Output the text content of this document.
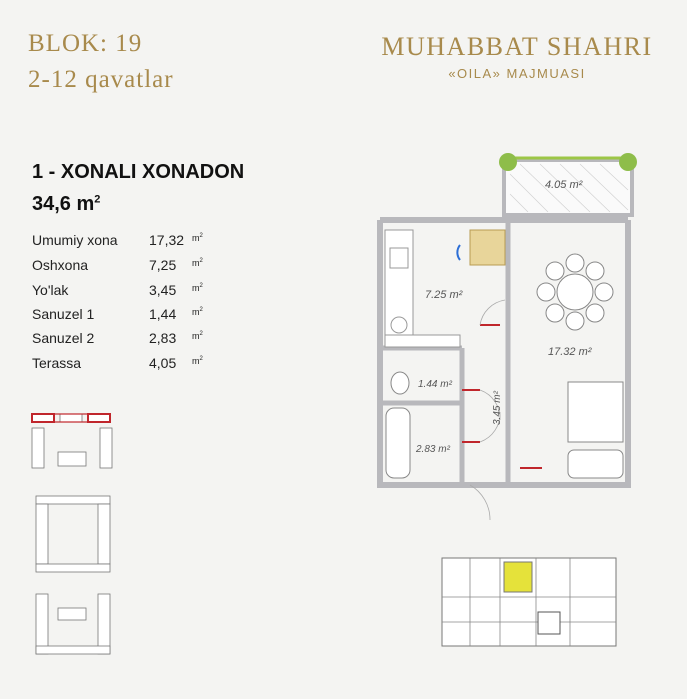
BLOK: 19
2-12 qavatlar
MUHABBAT SHAHRI
«OILA» MAJMUASI
1 - XONALI XONADON
34,6 $m^2$
Umumiy xona 17,32 $m^2$
Oshxona	7,25 $m^2$
Yo'lak	3,45 $m^2$
Sanuzel 1	1,44 $m^2$
Sanuzel 2	2,83 $m^2$
Terassa	4,05 $m^2$
4.05 m²
7.25 m²
17.32 m²
1.44 m²
2.83 m²
3.45 m²
